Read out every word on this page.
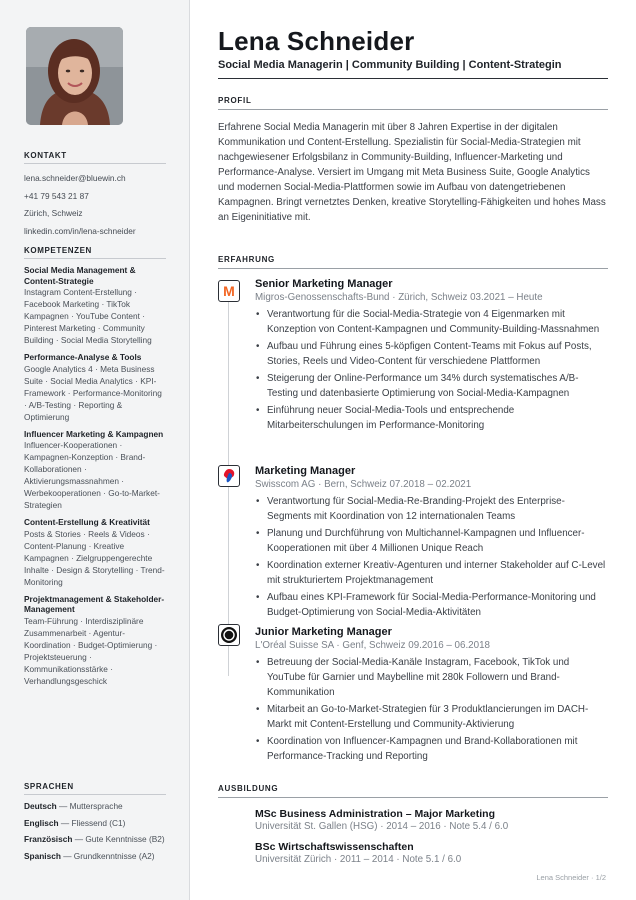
KONTAKT
lena.schneider@bluewin.ch
+41 79 543 21 87
Zürich, Schweiz
linkedin.com/in/lena-schneider
KOMPETENZEN
Social Media Management & Content-Strategie
Instagram Content-Erstellung · Facebook Marketing · TikTok Kampagnen · YouTube Content · Pinterest Marketing · Community Building · Social Media Storytelling
Performance-Analyse & Tools
Google Analytics 4 · Meta Business Suite · Social Media Analytics · KPI-Framework · Performance-Monitoring · A/B-Testing · Reporting & Optimierung
Influencer Marketing & Kampagnen
Influencer-Kooperationen · Kampagnen-Konzeption · Brand-Kollaborationen · Aktivierungsmassnahmen · Werbekooperationen · Go-to-Market-Strategien
Content-Erstellung & Kreativität
Posts & Stories · Reels & Videos · Content-Planung · Kreative Kampagnen · Zielgruppengerechte Inhalte · Design & Storytelling · Trend-Monitoring
Projektmanagement & Stakeholder-Management
Team-Führung · Interdisziplinäre Zusammenarbeit · Agentur-Koordination · Budget-Optimierung · Projektsteuerung · Kommunikationsstärke · Verhandlungsgeschick
SPRACHEN
Deutsch — Muttersprache
Englisch — Fliessend (C1)
Französisch — Gute Kenntnisse (B2)
Spanisch — Grundkenntnisse (A2)
Lena Schneider
Social Media Managerin | Community Building | Content-Strategin
PROFIL
Erfahrene Social Media Managerin mit über 8 Jahren Expertise in der digitalen Kommunikation und Content-Erstellung. Spezialistin für Social-Media-Strategien mit nachgewiesener Erfolgsbilanz in Community-Building, Influencer-Marketing und Performance-Analyse. Versiert im Umgang mit Meta Business Suite, Google Analytics und modernen Social-Media-Plattformen sowie im Aufbau von datengetriebenen Kampagnen. Bringt vernetztes Denken, kreative Storytelling-Fähigkeiten und hohes Mass an Eigeninitiative mit.
ERFAHRUNG
M Senior Marketing Manager
Migros-Genossenschafts-Bund · Zürich, Schweiz 03.2021 – Heute
• Verantwortung für die Social-Media-Strategie von 4 Eigenmarken mit Konzeption von Content-Kampagnen und Community-Building-Massnahmen
• Aufbau und Führung eines 5-köpfigen Content-Teams mit Fokus auf Posts, Stories, Reels und Video-Content für verschiedene Plattformen
• Steigerung der Online-Performance um 34% durch systematisches A/B-Testing und datenbasierte Optimierung von Social-Media-Kampagnen
• Einführung neuer Social-Media-Tools und entsprechende Mitarbeiterschulungen im Performance-Monitoring
Marketing Manager
Swisscom AG · Bern, Schweiz 07.2018 – 02.2021
• Verantwortung für Social-Media-Re-Branding-Projekt des Enterprise-Segments mit Koordination von 12 internationalen Teams
• Planung und Durchführung von Multichannel-Kampagnen und Influencer-Kooperationen mit über 4 Millionen Unique Reach
• Koordination externer Kreativ-Agenturen und interner Stakeholder auf C-Level mit strukturiertem Projektmanagement
• Aufbau eines KPI-Framework für Social-Media-Performance-Monitoring und Budget-Optimierung von Social-Media-Aktivitäten
Junior Marketing Manager
L'Oréal Suisse SA · Genf, Schweiz 09.2016 – 06.2018
• Betreuung der Social-Media-Kanäle Instagram, Facebook, TikTok und YouTube für Garnier und Maybelline mit 280k Followern und Brand-Kommunikation
• Mitarbeit an Go-to-Market-Strategien für 3 Produktlancierungen im DACH-Markt mit Content-Erstellung und Community-Aktivierung
• Koordination von Influencer-Kampagnen und Brand-Kollaborationen mit Performance-Tracking und Reporting
AUSBILDUNG
MSc Business Administration – Major Marketing
Universität St. Gallen (HSG) · 2014 – 2016 · Note 5.4 / 6.0
BSc Wirtschaftswissenschaften
Universität Zürich · 2011 – 2014 · Note 5.1 / 6.0
Lena Schneider · 1/2
